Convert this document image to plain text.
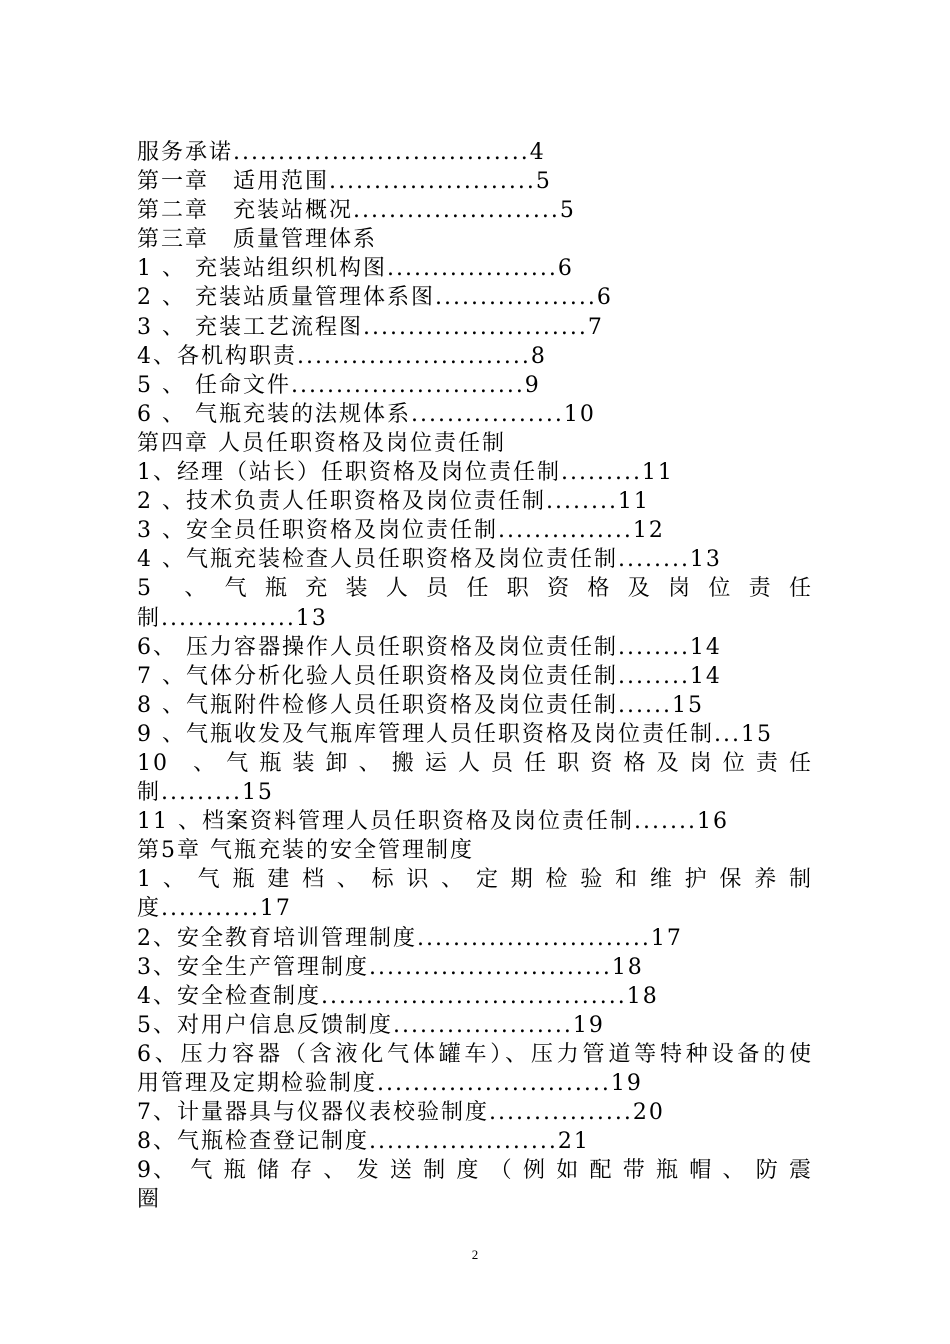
服务承诺.................................4
第一章　适用范围.......................5
第二章　充装站概况.......................5
第三章　质量管理体系
1 、 充装站组织机构图...................6
2 、 充装站质量管理体系图..................6
3 、 充装工艺流程图.........................7
4、各机构职责..........................8
5 、 任命文件..........................9
6 、 气瓶充装的法规体系.................10
第四章 人员任职资格及岗位责任制
1、经理（站长）任职资格及岗位责任制.........11
2 、技术负责人任职资格及岗位责任制........11
3 、安全员任职资格及岗位责任制...............12
4 、气瓶充装检查人员任职资格及岗位责任制........13
5　、 气 瓶 充 装 人 员 任 职 资 格 及 岗 位 责 任
制...............13
6、 压力容器操作人员任职资格及岗位责任制........14
7 、气体分析化验人员任职资格及岗位责任制........14
8 、气瓶附件检修人员任职资格及岗位责任制......15
9 、气瓶收发及气瓶库管理人员任职资格及岗位责任制...15
10　、 气 瓶 装 卸 、 搬 运 人 员 任 职 资 格 及 岗 位 责 任
制.........15
11 、档案资料管理人员任职资格及岗位责任制.......16
第5章 气瓶充装的安全管理制度
1 、 气 瓶 建 档 、 标 识 、 定 期 检 验 和 维 护 保 养 制
度...........17
2、安全教育培训管理制度..........................17
3、安全生产管理制度...........................18
4、安全检查制度..................................18
5、对用户信息反馈制度....................19
6、压力容器（含液化气体罐车）、压力管道等特种设备的使
用管理及定期检验制度..........................19
7、计量器具与仪器仪表校验制度................20
8、气瓶检查登记制度.....................21
9、　气 瓶 储 存 、 发 送 制 度 （ 例 如 配 带 瓶 帽 、 防 震 圈
2
